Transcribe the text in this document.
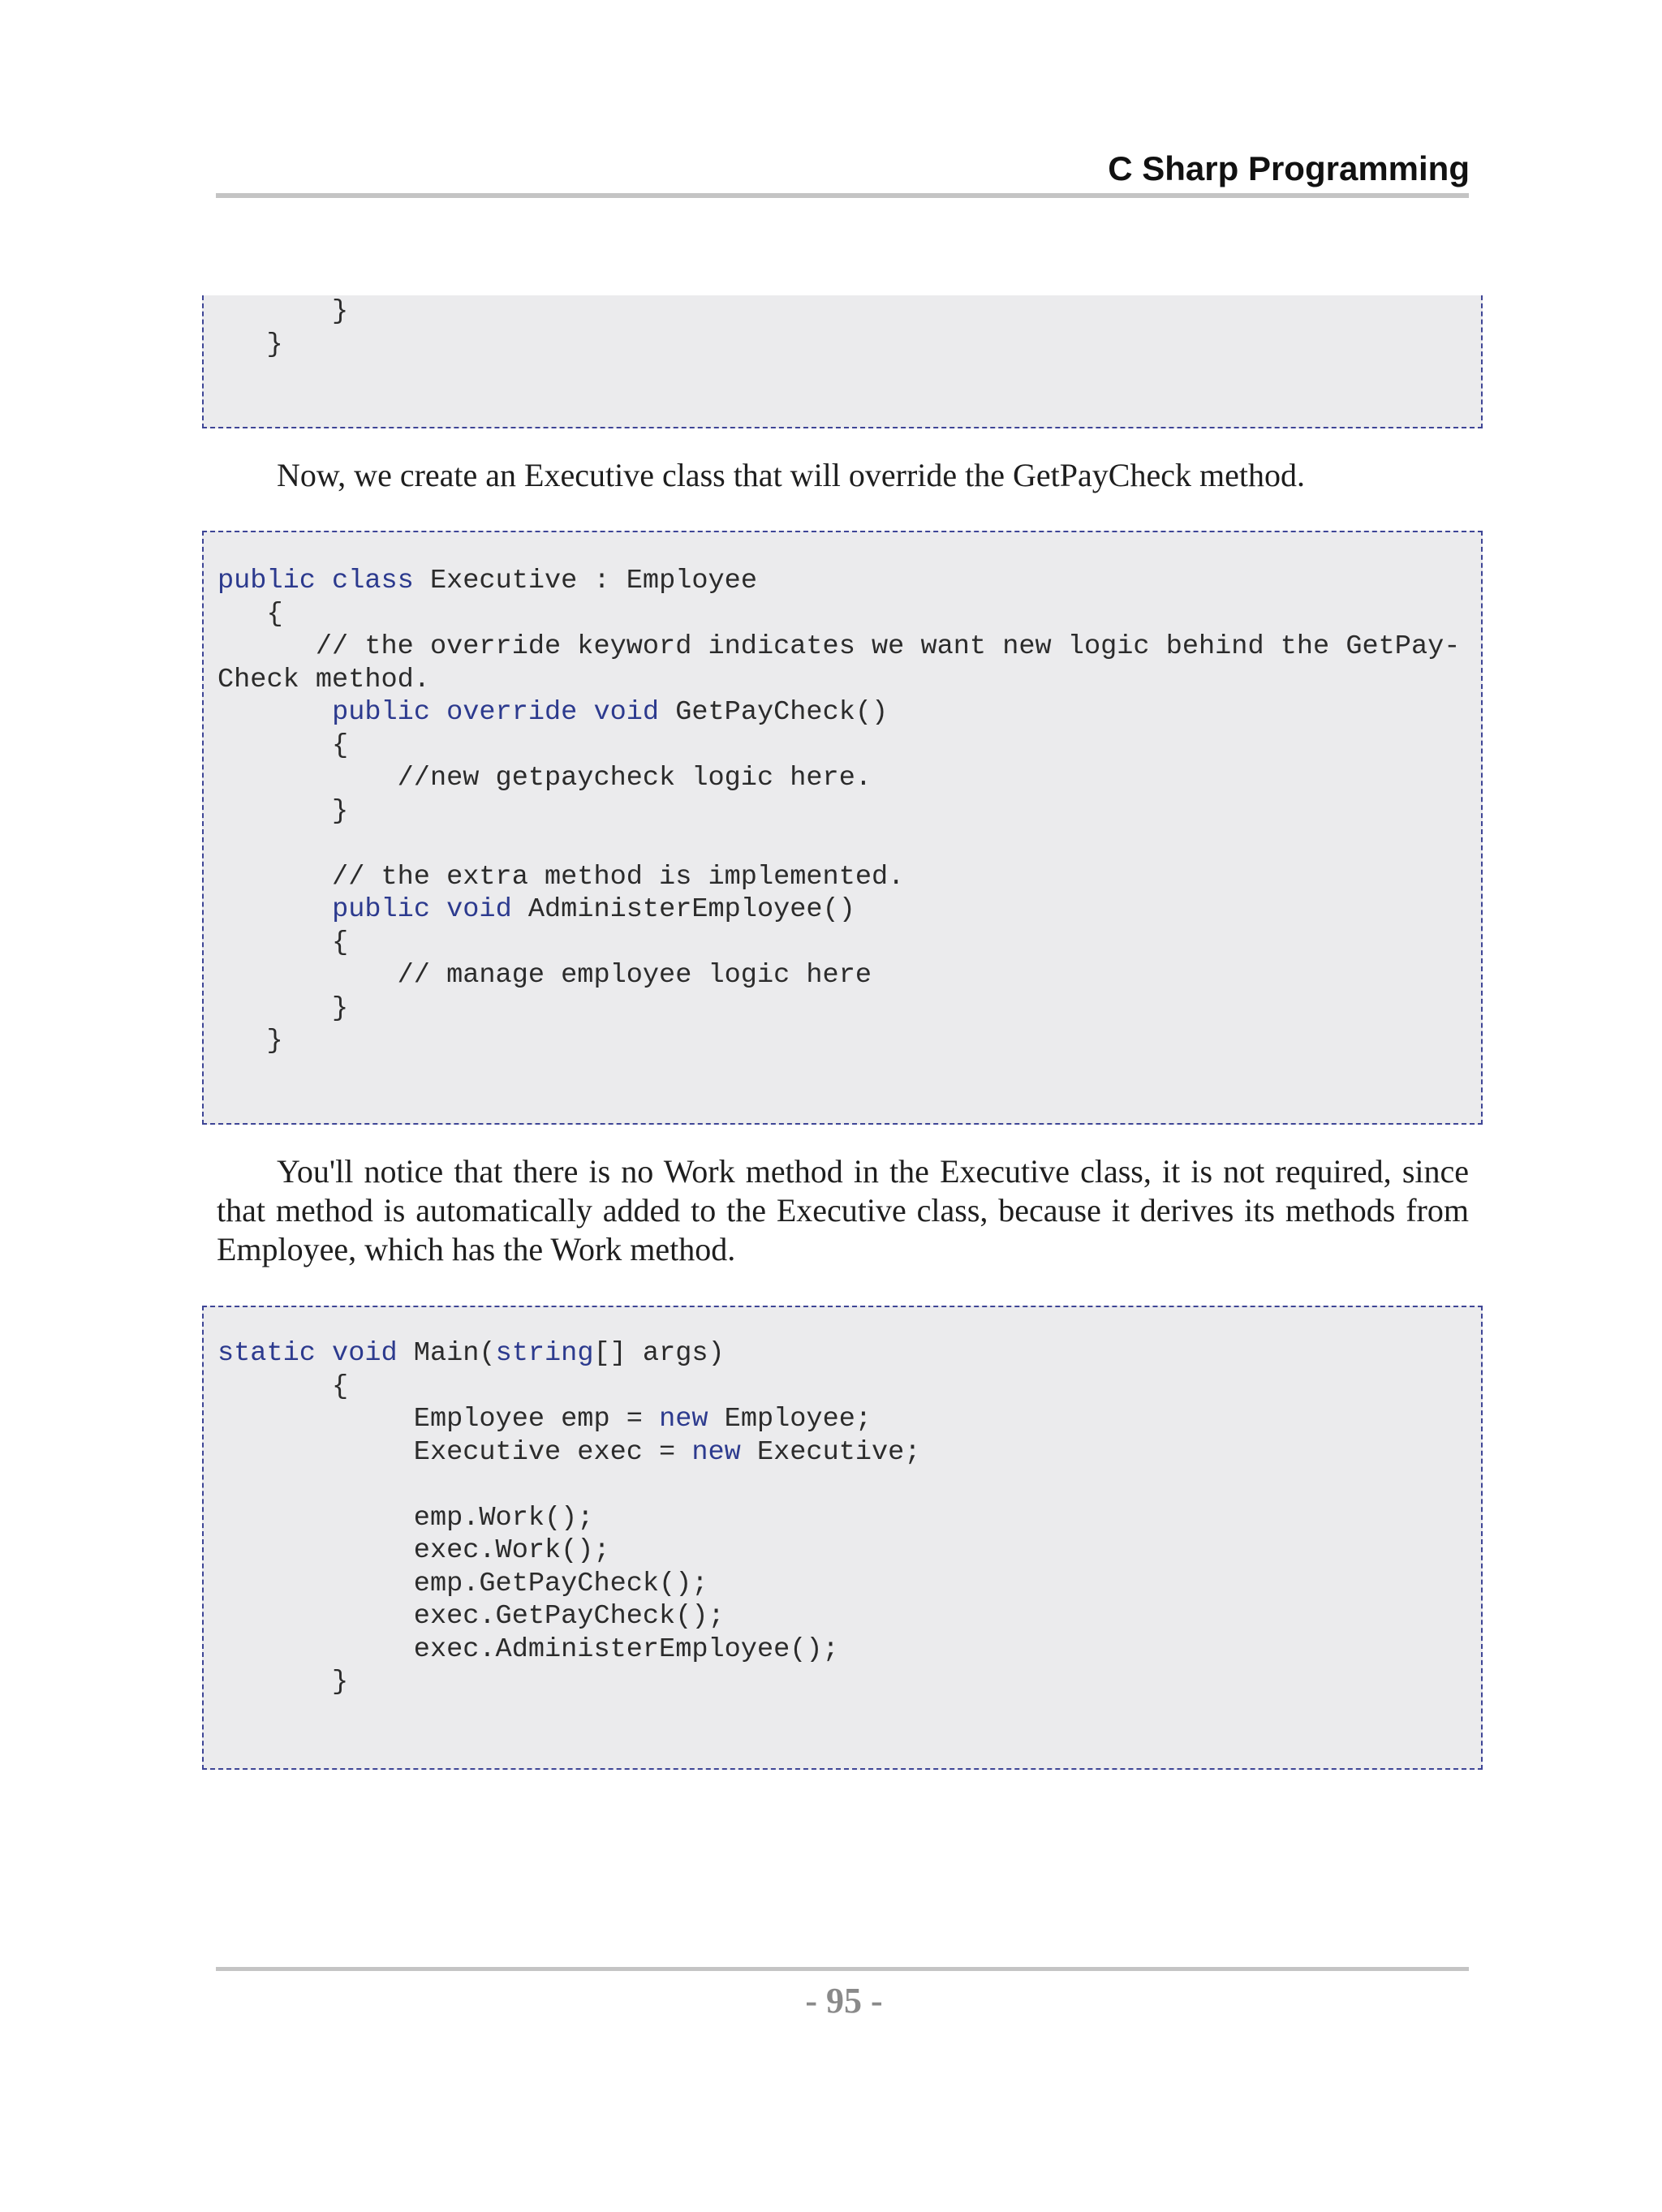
C Sharp Programming
}
}
Now, we create an Executive class that will override the GetPayCheck method.
public class Executive : Employee
{
// the override keyword indicates we want new logic behind the GetPay-
Check method.
public override void GetPayCheck()
{
//new getpaycheck logic here.
}
// the extra method is implemented.
public void AdministerEmployee()
{
// manage employee logic here
}
}
You'll notice that there is no Work method in the Executive class, it is not required, since that method is automatically added to the Executive class, because it derives its methods from Employee, which has the Work method.
static void Main(string[] args)
{
Employee emp = new Employee;
Executive exec = new Executive;
emp.Work();
exec.Work();
emp.GetPayCheck();
exec.GetPayCheck();
exec.AdministerEmployee();
}
- 95 -
